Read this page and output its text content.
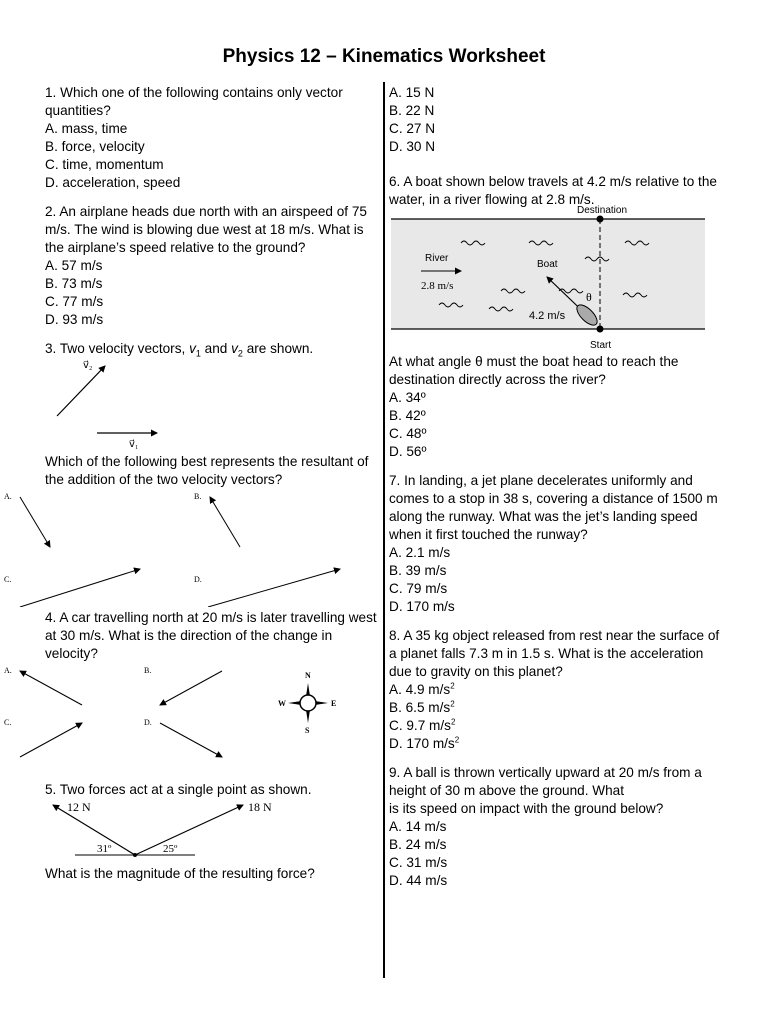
Physics 12 – Kinematics Worksheet

1. Which one of the following contains only vector quantities?

A. mass, time

B. force, velocity

C. time, momentum

D. acceleration, speed

2. An airplane heads due north with an airspeed of 75 m/s. The wind is blowing due west at 18 m/s. What is the airplane’s speed relative to the ground?

A. 57 m/s

B. 73 m/s

C. 77 m/s

D. 93 m/s

3. Two velocity vectors, $v_1$ and $v_2$ are shown.

v⃗₂
v⃗₁

Which of the following best represents the resultant of the addition of the two velocity vectors?

A.	B.
C.	D.

4. A car travelling north at 20 m/s is later travelling west at 30 m/s. What is the direction of the change in velocity?

A.	B.
C.	D.
N
E
S
W

5. Two forces act at a single point as shown.

12 N	18 N
31º	25º

What is the magnitude of the resulting force?

A. 15 N

B. 22 N

C. 27 N

D. 30 N

6. A boat shown below travels at 4.2 m/s relative to the water, in a river flowing at 2.8 m/s.

Destination
River
2.8 m/s
Boat
θ
4.2 m/s
Start

At what angle θ must the boat head to reach the destination directly across the river?

A. 34º

B. 42º

C. 48º

D. 56º

7. In landing, a jet plane decelerates uniformly and comes to a stop in 38 s, covering a distance of 1500 m along the runway. What was the jet’s landing speed when it first touched the runway?

A. 2.1 m/s

B. 39 m/s

C. 79 m/s

D. 170 m/s

8. A 35 kg object released from rest near the surface of a planet falls 7.3 m in 1.5 s. What is the acceleration due to gravity on this planet?

A. 4.9 $m/s^2$

B. 6.5 $m/s^2$

C. 9.7 $m/s^2$

D. 170 $m/s^2$

9. A ball is thrown vertically upward at 20 m/s from a height of 30 m above the ground. What

is its speed on impact with the ground below?

A. 14 m/s

B. 24 m/s

C. 31 m/s

D. 44 m/s
